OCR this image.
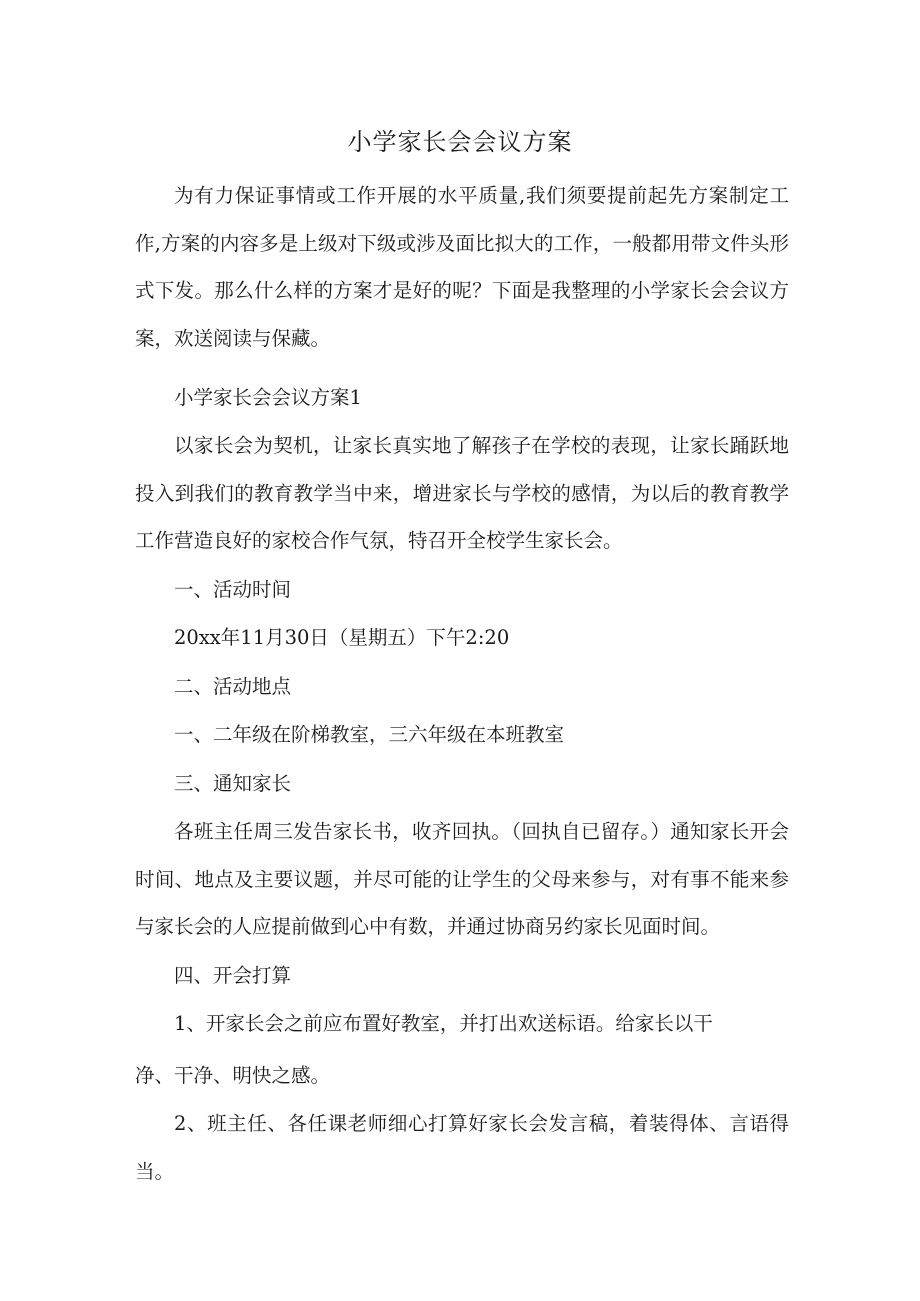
小学家长会会议方案

为有力保证事情或工作开展的水平质量,我们须要提前起先方案制定工作,方案的内容多是上级对下级或涉及面比拟大的工作，一般都用带文件头形式下发。那么什么样的方案才是好的呢？下面是我整理的小学家长会会议方案，欢送阅读与保藏。

小学家长会会议方案1

以家长会为契机，让家长真实地了解孩子在学校的表现，让家长踊跃地投入到我们的教育教学当中来，增进家长与学校的感情，为以后的教育教学工作营造良好的家校合作气氛，特召开全校学生家长会。

一、活动时间

20xx年11月30日（星期五）下午2:20

二、活动地点

一、二年级在阶梯教室，三六年级在本班教室

三、通知家长

各班主任周三发告家长书，收齐回执。（回执自已留存。）通知家长开会时间、地点及主要议题，并尽可能的让学生的父母来参与，对有事不能来参与家长会的人应提前做到心中有数，并通过协商另约家长见面时间。

四、开会打算

1、开家长会之前应布置好教室，并打出欢送标语。给家长以干

净、干净、明快之感。

2、班主任、各任课老师细心打算好家长会发言稿，着装得体、言语得当。
